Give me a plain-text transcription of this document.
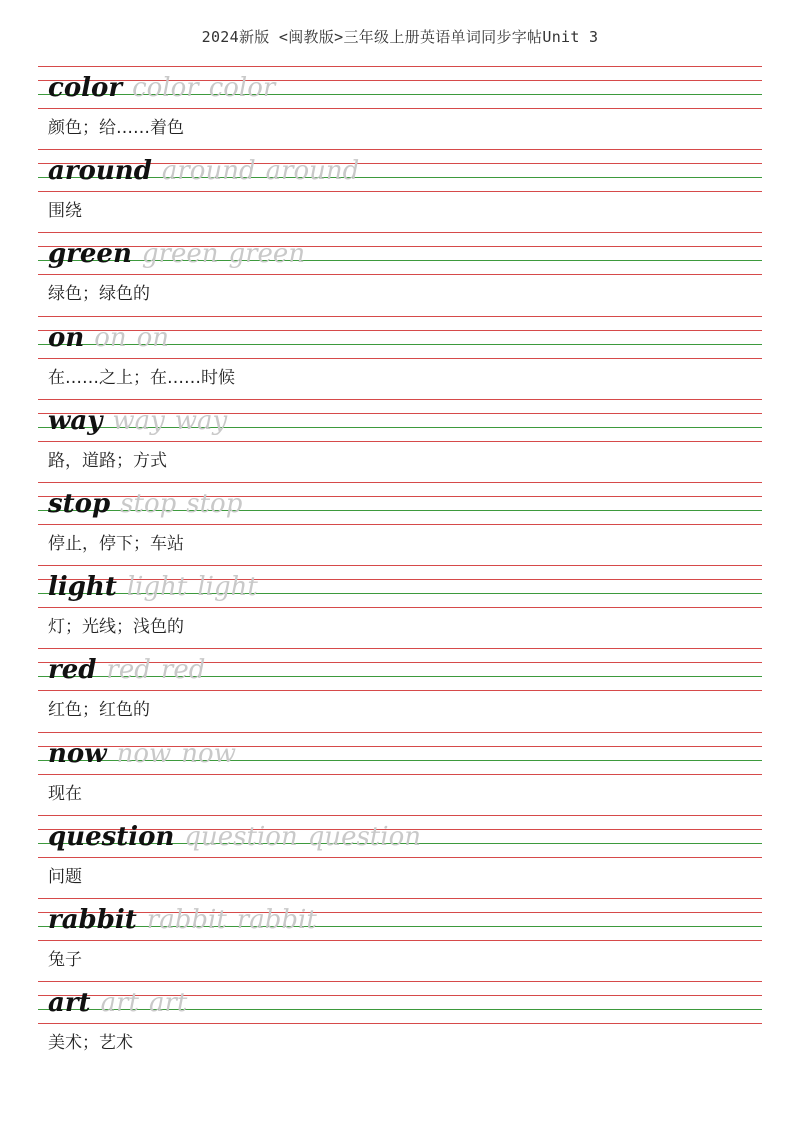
2024新版 <闽教版>三年级上册英语单词同步字帖Unit 3
color color color
颜色；给……着色
around around around
围绕
green green green
绿色；绿色的
on on on
在……之上；在……时候
way way way
路，道路；方式
stop stop stop
停止，停下；车站
light light light
灯；光线；浅色的
red red red
红色；红色的
now now now
现在
question question question
问题
rabbit rabbit rabbit
兔子
art art art
美术；艺术
